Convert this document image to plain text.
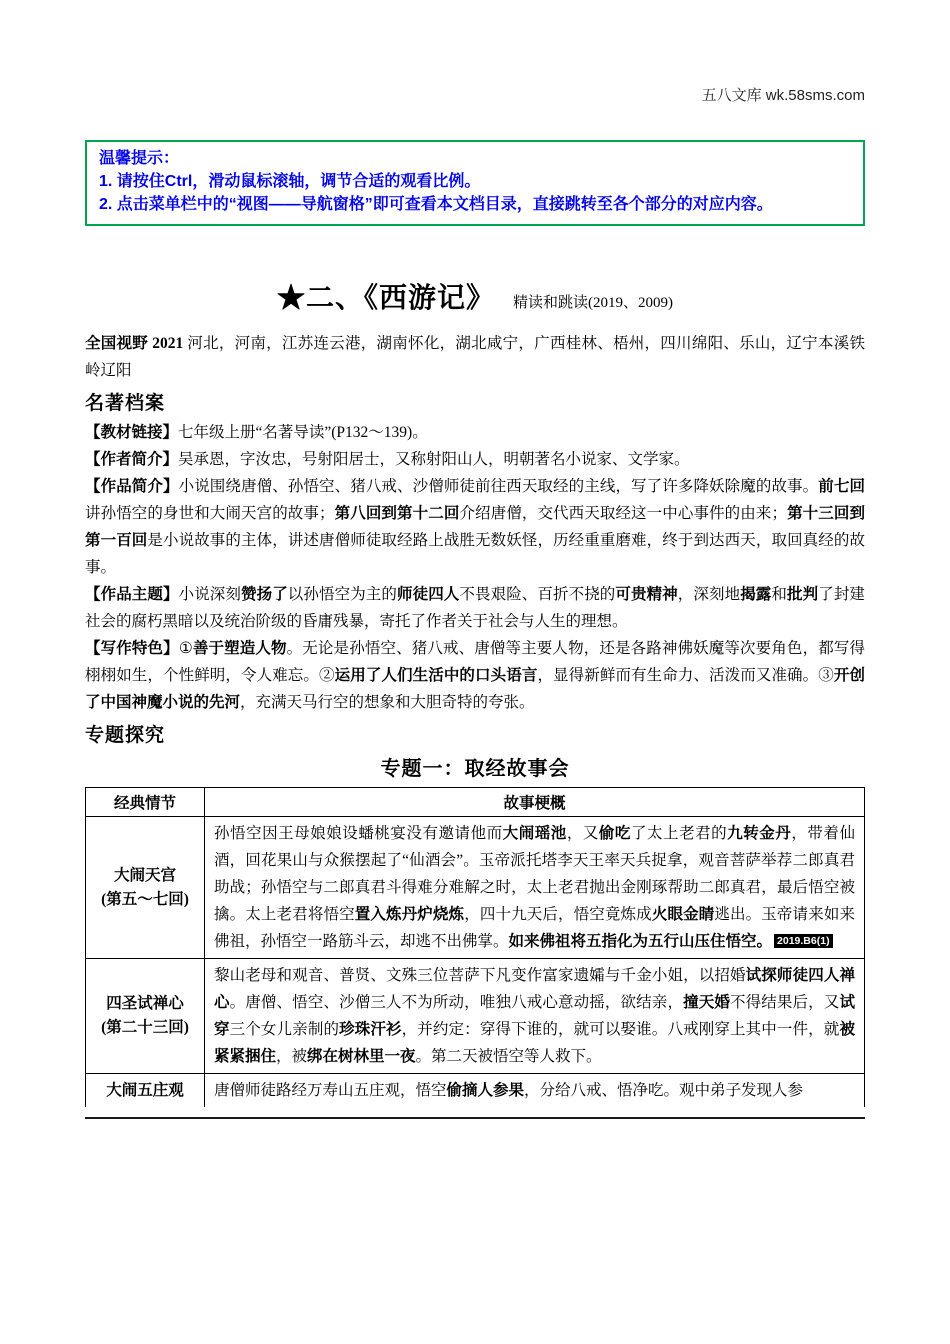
五八文库 wk.58sms.com
温馨提示：
1. 请按住Ctrl，滑动鼠标滚轴，调节合适的观看比例。
2. 点击菜单栏中的“视图——导航窗格”即可查看本文档目录，直接跳转至各个部分的对应内容。
★二、《西游记》 精读和跳读(2019、2009)

全国视野 2021 河北，河南，江苏连云港，湖南怀化，湖北咸宁，广西桂林、梧州，四川绵阳、乐山，辽宁本溪铁岭辽阳

名著档案

【教材链接】七年级上册“名著导读”(P132～139)。

【作者简介】吴承恩，字汝忠，号射阳居士，又称射阳山人，明朝著名小说家、文学家。

【作品简介】小说围绕唐僧、孙悟空、猪八戒、沙僧师徒前往西天取经的主线，写了许多降妖除魔的故事。前七回讲孙悟空的身世和大闹天宫的故事；第八回到第十二回介绍唐僧，交代西天取经这一中心事件的由来；第十三回到第一百回是小说故事的主体，讲述唐僧师徒取经路上战胜无数妖怪，历经重重磨难，终于到达西天，取回真经的故事。

【作品主题】小说深刻赞扬了以孙悟空为主的师徒四人不畏艰险、百折不挠的可贵精神，深刻地揭露和批判了封建社会的腐朽黑暗以及统治阶级的昏庸残暴，寄托了作者关于社会与人生的理想。

【写作特色】①善于塑造人物。无论是孙悟空、猪八戒、唐僧等主要人物，还是各路神佛妖魔等次要角色，都写得栩栩如生，个性鲜明，令人难忘。②运用了人们生活中的口头语言，显得新鲜而有生命力、活泼而又准确。③开创了中国神魔小说的先河，充满天马行空的想象和大胆奇特的夸张。

专题探究
专题一：取经故事会
经典情节	故事梗概

大闹天宫
(第五～七回)	孙悟空因王母娘娘设蟠桃宴没有邀请他而大闹瑶池，又偷吃了太上老君的九转金丹，带着仙酒，回花果山与众猴摆起了“仙酒会”。玉帝派托塔李天王率天兵捉拿，观音菩萨举荐二郎真君助战；孙悟空与二郎真君斗得难分难解之时，太上老君抛出金刚琢帮助二郎真君，最后悟空被擒。太上老君将悟空置入炼丹炉烧炼，四十九天后，悟空竟炼成火眼金睛逃出。玉帝请来如来佛祖，孙悟空一路筋斗云，却逃不出佛掌。如来佛祖将五指化为五行山压住悟空。 2019.B6(1)

四圣试禅心
(第二十三回)	黎山老母和观音、普贤、文殊三位菩萨下凡变作富家遗孀与千金小姐，以招婚试探师徒四人禅心。唐僧、悟空、沙僧三人不为所动，唯独八戒心意动摇，欲结亲，撞天婚不得结果后，又试穿三个女儿亲制的珍珠汗衫，并约定：穿得下谁的，就可以娶谁。八戒刚穿上其中一件，就被紧紧捆住，被绑在树林里一夜。第二天被悟空等人救下。

大闹五庄观	唐僧师徒路经万寿山五庄观，悟空偷摘人参果，分给八戒、悟净吃。观中弟子发现人参
